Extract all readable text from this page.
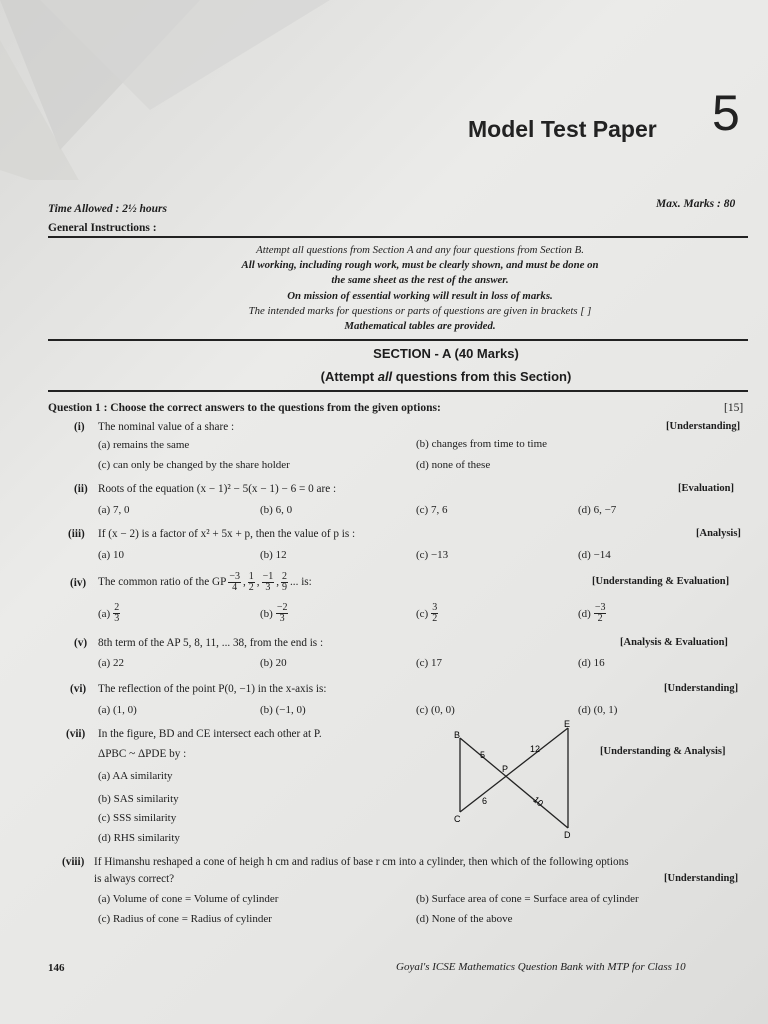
Model Test Paper 5
Time Allowed : 2½ hours	Max. Marks : 80
General Instructions :
Attempt all questions from Section A and any four questions from Section B.
All working, including rough work, must be clearly shown, and must be done on
the same sheet as the rest of the answer.
On mission of essential working will result in loss of marks.
The intended marks for questions or parts of questions are given in brackets [ ]
Mathematical tables are provided.
SECTION - A (40 Marks)
(Attempt all questions from this Section)
Question 1 : Choose the correct answers to the questions from the given options:	[15]
(i) The nominal value of a share :	[Understanding]
(a) remains the same	(b) changes from time to time
(c) can only be changed by the share holder	(d) none of these
(ii) Roots of the equation (x − 1)² − 5(x − 1) − 6 = 0 are :	[Evaluation]
(a) 7, 0	(b) 6, 0	(c) 7, 6	(d) 6, −7
(iii) If (x − 2) is a factor of x² + 5x + p, then the value of p is :	[Analysis]
(a) 10	(b) 12	(c) −13	(d) −14
(iv) The common ratio of the GP $\frac{-3}{4}$ , $\frac{1}{2}$ , $\frac{-1}{3}$ , $\frac{2}{9}$ ... is:	[Understanding & Evaluation]
$(a) \frac{2}{3}$	$(b) \frac{-2}{3}$	$(c) \frac{3}{2}$	$(d) \frac{-3}{2}$
(v) 8th term of the AP 5, 8, 11, ... 38, from the end is :	[Analysis & Evaluation]
(a) 22	(b) 20	(c) 17	(d) 16
(vi) The reflection of the point P(0, −1) in the x-axis is:	[Understanding]
(a) (1, 0)	(b) (−1, 0)	(c) (0, 0)	(d) (0, 1)
(vii) In the figure, BD and CE intersect each other at P.
ΔPBC ~ ΔPDE by :	[Understanding & Analysis]
(a) AA similarity
(b) SAS similarity
(c) SSS similarity
(d) RHS similarity
B
C
D
E
P
5
12
6	10
(viii) If Himanshu reshaped a cone of heigh h cm and radius of base r cm into a cylinder, then which of the following options
is always correct?	[Understanding]
(a) Volume of cone = Volume of cylinder	(b) Surface area of cone = Surface area of cylinder
(c) Radius of cone = Radius of cylinder	(d) None of the above
146	Goyal's ICSE Mathematics Question Bank with MTP for Class 10
